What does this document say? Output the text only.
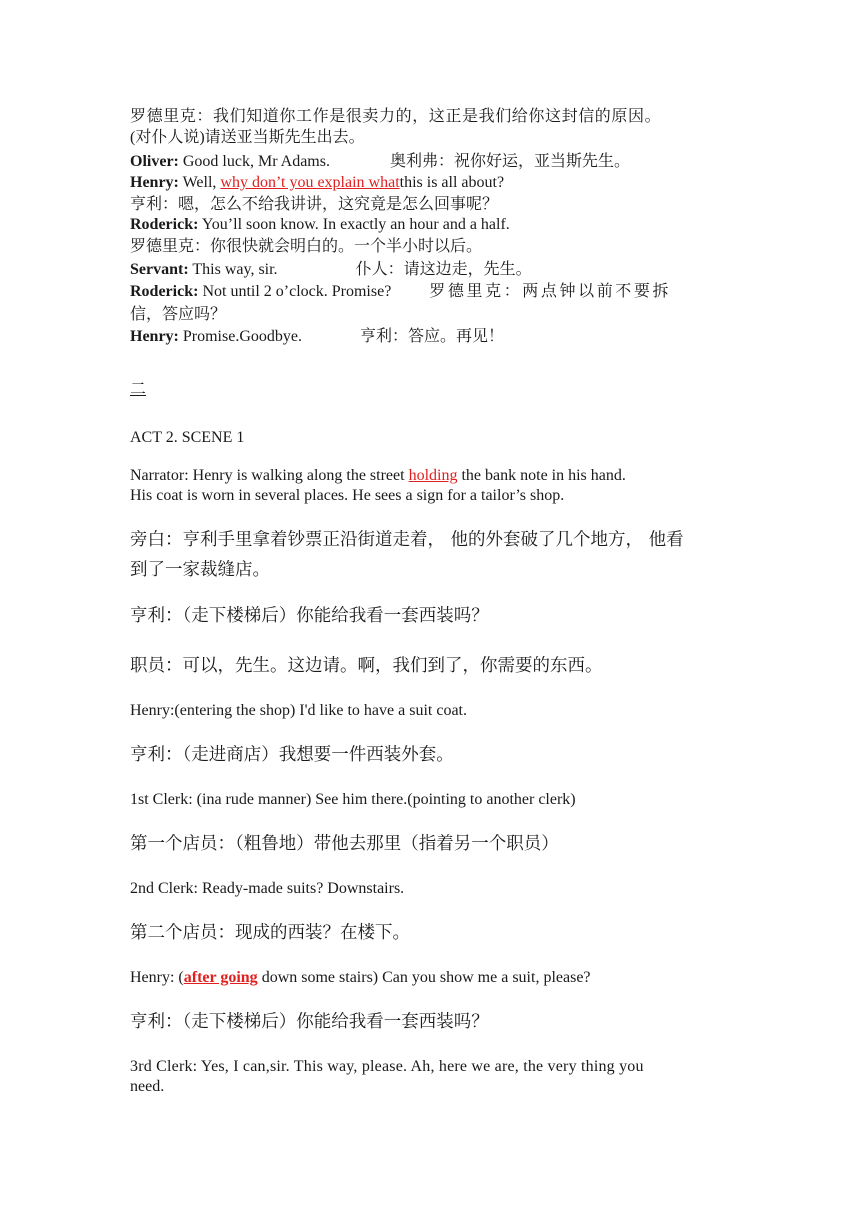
罗德里克：我们知道你工作是很卖力的，这正是我们给你这封信的原因。
(对仆人说)请送亚当斯先生出去。
Oliver: Good luck, Mr Adams.	奥利弗：祝你好运，亚当斯先生。
Henry: Well, why don’t you explain whatthis is all about?
亨利：嗯，怎么不给我讲讲，这究竟是怎么回事呢？
Roderick: You’ll soon know. In exactly an hour and a half.
罗德里克：你很快就会明白的。一个半小时以后。
Servant: This way, sir.	仆人：请这边走，先生。
Roderick: Not until 2 o’clock. Promise? 罗德里克：两点钟以前不要拆
信，答应吗？
Henry: Promise.Goodbye.	亨利：答应。再见！
二
ACT 2. SCENE 1
Narrator: Henry is walking along the street holding the bank note in his hand.
His coat is worn in several places. He sees a sign for a tailor’s shop.
旁白：亨利手里拿着钞票正沿街道走着， 他的外套破了几个地方， 他看
到了一家裁缝店。
亨利：（走下楼梯后）你能给我看一套西装吗？
职员：可以，先生。这边请。啊，我们到了，你需要的东西。
Henry:(entering the shop) I'd like to have a suit coat.
亨利：（走进商店）我想要一件西装外套。
1st Clerk: (ina rude manner) See him there.(pointing to another clerk)
第一个店员：（粗鲁地）带他去那里（指着另一个职员）
2nd Clerk: Ready-made suits? Downstairs.
第二个店员：现成的西装？在楼下。
Henry: (after going down some stairs) Can you show me a suit, please?
亨利：（走下楼梯后）你能给我看一套西装吗？
3rd Clerk: Yes, I can,sir. This way, please. Ah, here we are, the very thing you
need.
